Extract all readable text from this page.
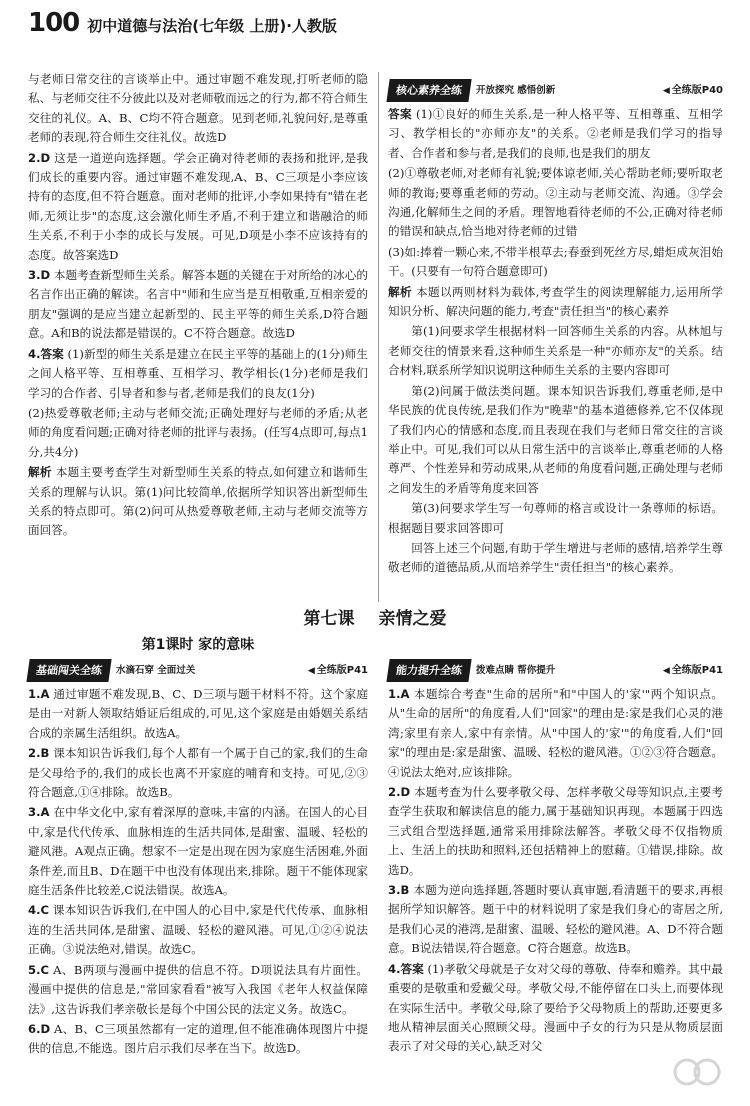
100 初中道德与法治(七年级 上册)·人教版
与老师日常交往的言谈举止中。通过审题不难发现,打听老师的隐私、与老师交往不分彼此以及对老师敬而远之的行为,都不符合师生交往的礼仪。A、B、C均不符合题意。见到老师,礼貌问好,是尊重老师的表现,符合师生交往礼仪。故选D
2.D 这是一道逆向选择题。学会正确对待老师的表扬和批评,是我们成长的重要内容。通过审题不难发现,A、B、C三项是小李应该持有的态度,但不符合题意。面对老师的批评,小李如果持有"错在老师,无须让步"的态度,这会激化师生矛盾,不利于建立和谐融洽的师生关系,不利于小李的成长与发展。可见,D项是小李不应该持有的态度。故答案选D
3.D 本题考查新型师生关系。解答本题的关键在于对所给的冰心的名言作出正确的解读。名言中"师和生应当是互相敬重,互相亲爱的朋友"强调的是应当建立起新型的、民主平等的师生关系,D符合题意。A和B的说法都是错误的。C不符合题意。故选D
4.答案 (1)新型的师生关系是建立在民主平等的基础上的(1分)师生之间人格平等、互相尊重、互相学习、教学相长(1分)老师是我们学习的合作者、引导者和参与者,老师是我们的良友(1分)
(2)热爱尊敬老师;主动与老师交流;正确处理好与老师的矛盾;从老师的角度看问题;正确对待老师的批评与表扬。(任写4点即可,每点1分,共4分)
解析 本题主要考查学生对新型师生关系的特点,如何建立和谐师生关系的理解与认识。第(1)问比较简单,依据所学知识答出新型师生关系的特点即可。第(2)问可从热爱尊敬老师,主动与老师交流等方面回答。
核心素养全练	开放探究 感悟创新	◀ 全练版P40
答案 (1)①良好的师生关系,是一种人格平等、互相尊重、互相学习、教学相长的"亦师亦友"的关系。②老师是我们学习的指导者、合作者和参与者,是我们的良师,也是我们的朋友
(2)①尊敬老师,对老师有礼貌;要体谅老师,关心帮助老师;要听取老师的教诲;要尊重老师的劳动。②主动与老师交流、沟通。③学会沟通,化解师生之间的矛盾。理智地看待老师的不公,正确对待老师的错误和缺点,恰当地对待老师的过错
(3)如:捧着一颗心来,不带半根草去;春蚕到死丝方尽,蜡炬成灰泪始干。(只要有一句符合题意即可)
解析 本题以两则材料为载体,考查学生的阅读理解能力,运用所学知识分析、解决问题的能力,考查"责任担当"的核心素养
第(1)问要求学生根据材料一回答师生关系的内容。从林旭与老师交往的情景来看,这种师生关系是一种"亦师亦友"的关系。结合材料,联系所学知识说明这种师生关系的主要内容即可
第(2)问属于做法类问题。课本知识告诉我们,尊重老师,是中华民族的优良传统,是我们作为"晚辈"的基本道德修养,它不仅体现了我们内心的情感和态度,而且表现在我们与老师日常交往的言谈举止中。可见,我们可以从日常生活中的言谈举止,尊重老师的人格尊严、个性差异和劳动成果,从老师的角度看问题,正确处理与老师之间发生的矛盾等角度来回答
第(3)问要求学生写一句尊师的格言或设计一条尊师的标语。根据题目要求回答即可
回答上述三个问题,有助于学生增进与老师的感情,培养学生尊敬老师的道德品质,从而培养学生"责任担当"的核心素养。
第七课 亲情之爱
第1课时 家的意味
基础闯关全练	水滴石穿 全面过关	◀ 全练版P41
1.A 通过审题不难发现,B、C、D三项与题干材料不符。这个家庭是由一对新人领取结婚证后组成的,可见,这个家庭是由婚姻关系结合成的亲属生活组织。故选A。
2.B 课本知识告诉我们,每个人都有一个属于自己的家,我们的生命是父母给予的,我们的成长也离不开家庭的哺育和支持。可见,②③符合题意,①④排除。故选B。
3.A 在中华文化中,家有着深厚的意味,丰富的内涵。在国人的心目中,家是代代传承、血脉相连的生活共同体,是甜蜜、温暖、轻松的避风港。A观点正确。想家不一定是出现在因为家庭生活困难,外面条件差,而且B、D在题干中也没有体现出来,排除。题干不能体现家庭生活条件比较差,C说法错误。故选A。
4.C 课本知识告诉我们,在中国人的心目中,家是代代传承、血脉相连的生活共同体,是甜蜜、温暖、轻松的避风港。可见,①②④说法正确。③说法绝对,错误。故选C。
5.C A、B两项与漫画中提供的信息不符。D项说法具有片面性。漫画中提供的信息是,"常回家看看"被写入我国《老年人权益保障法》,这告诉我们孝亲敬长是每个中国公民的法定义务。故选C。
6.D A、B、C三项虽然都有一定的道理,但不能准确体现图片中提供的信息,不能选。图片启示我们尽孝在当下。故选D。
能力提升全练	拨难点睛 帮你提升	◀ 全练版P41
1.A 本题综合考查"生命的居所"和"中国人的'家'"两个知识点。从"生命的居所"的角度看,人们"回家"的理由是:家是我们心灵的港湾;家里有亲人,家中有亲情。从"中国人的'家'"的角度看,人们"回家"的理由是:家是甜蜜、温暖、轻松的避风港。①②③符合题意。④说法太绝对,应该排除。
2.D 本题考查为什么要孝敬父母、怎样孝敬父母等知识点,主要考查学生获取和解读信息的能力,属于基础知识再现。本题属于四选三式组合型选择题,通常采用排除法解答。孝敬父母不仅指物质上、生活上的扶助和照料,还包括精神上的慰藉。①错误,排除。故选D。
3.B 本题为逆向选择题,答题时要认真审题,看清题干的要求,再根据所学知识解答。题干中的材料说明了家是我们身心的寄居之所,是我们心灵的港湾,是甜蜜、温暖、轻松的避风港。A、D不符合题意。B说法错误,符合题意。C符合题意。故选B。
4.答案 (1)孝敬父母就是子女对父母的尊敬、侍奉和赡养。其中最重要的是敬重和爱戴父母。孝敬父母,不能停留在口头上,而要体现在实际生活中。孝敬父母,除了要给予父母物质上的帮助,还要更多地从精神层面关心照顾父母。漫画中子女的行为只是从物质层面表示了对父母的关心,缺乏对父
